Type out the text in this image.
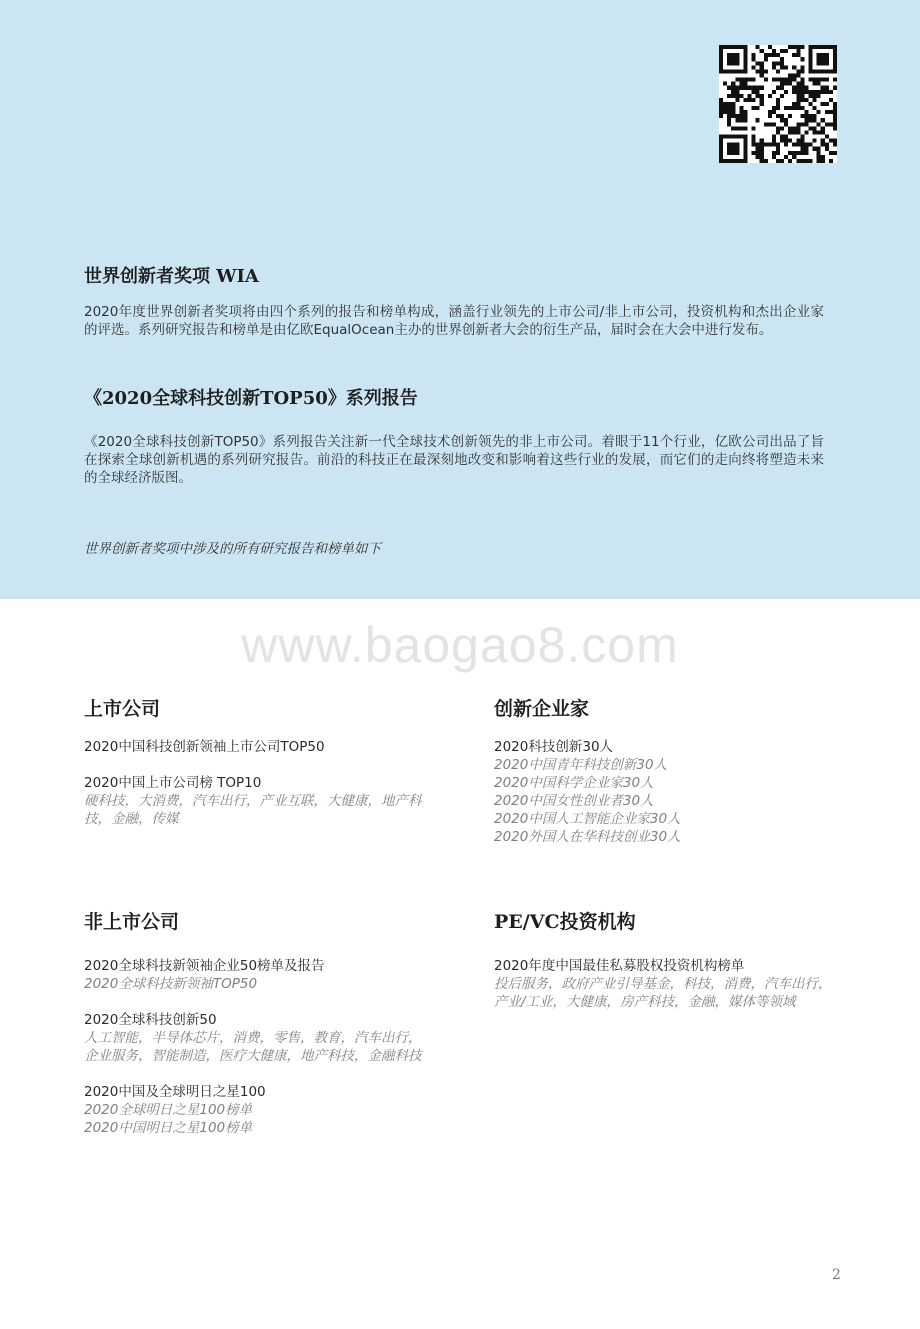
世界创新者奖项 WIA

2020年度世界创新者奖项将由四个系列的报告和榜单构成，涵盖行业领先的上市公司/非上市公司，投资机构和杰出企业家的评选。系列研究报告和榜单是由亿欧EqualOcean主办的世界创新者大会的衍生产品，届时会在大会中进行发布。

《2020全球科技创新TOP50》系列报告

《2020全球科技创新TOP50》系列报告关注新一代全球技术创新领先的非上市公司。着眼于11个行业，亿欧公司出品了旨在探索全球创新机遇的系列研究报告。前沿的科技正在最深刻地改变和影响着这些行业的发展，而它们的走向终将塑造未来的全球经济版图。

世界创新者奖项中涉及的所有研究报告和榜单如下

www.baogao8.com
上市公司
2020中国科技创新领袖上市公司TOP50
2020中国上市公司榜 TOP10
硬科技，大消费，汽车出行，产业互联，大健康，地产科技，金融，传媒
创新企业家
2020科技创新30人
2020中国青年科技创新30人
2020中国科学企业家30人
2020中国女性创业者30人
2020中国人工智能企业家30人
2020外国人在华科技创业30人
非上市公司
2020全球科技新领袖企业50榜单及报告
2020全球科技新领袖TOP50
2020全球科技创新50
人工智能，半导体芯片，消费，零售，教育，汽车出行，企业服务，智能制造，医疗大健康，地产科技，金融科技
2020中国及全球明日之星100
2020全球明日之星100榜单
2020中国明日之星100榜单
PE/VC投资机构
2020年度中国最佳私募股权投资机构榜单
投后服务，政府产业引导基金，科技，消费，汽车出行，产业/工业，大健康，房产科技，金融，媒体等领域
2
